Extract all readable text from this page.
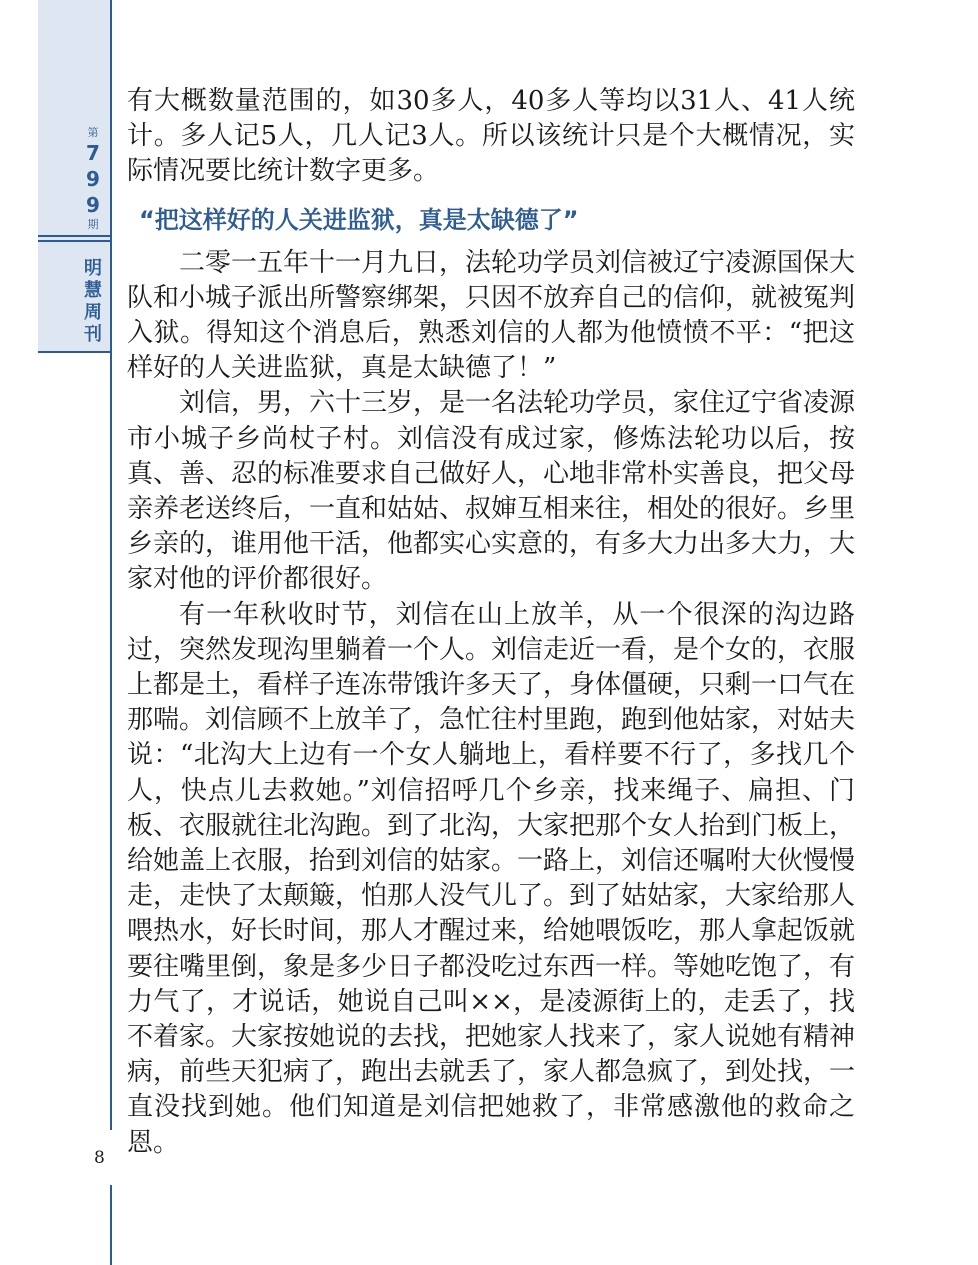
第
799
期
明慧周刊
8

有大概数量范围的，如30多人，40多人等均以31人、41人统计。多人记5人，几人记3人。所以该统计只是个大概情况，实际情况要比统计数字更多。

“把这样好的人关进监狱，真是太缺德了”

二零一五年十一月九日，法轮功学员刘信被辽宁凌源国保大队和小城子派出所警察绑架，只因不放弃自己的信仰，就被冤判入狱。得知这个消息后，熟悉刘信的人都为他愤愤不平：“把这样好的人关进监狱，真是太缺德了！”

刘信，男，六十三岁，是一名法轮功学员，家住辽宁省凌源市小城子乡尚杖子村。刘信没有成过家，修炼法轮功以后，按真、善、忍的标准要求自己做好人，心地非常朴实善良，把父母亲养老送终后，一直和姑姑、叔婶互相来往，相处的很好。乡里乡亲的，谁用他干活，他都实心实意的，有多大力出多大力，大家对他的评价都很好。

有一年秋收时节，刘信在山上放羊，从一个很深的沟边路过，突然发现沟里躺着一个人。刘信走近一看，是个女的，衣服上都是土，看样子连冻带饿许多天了，身体僵硬，只剩一口气在那喘。刘信顾不上放羊了，急忙往村里跑，跑到他姑家，对姑夫说：“北沟大上边有一个女人躺地上，看样要不行了，多找几个人，快点儿去救她。”刘信招呼几个乡亲，找来绳子、扁担、门板、衣服就往北沟跑。到了北沟，大家把那个女人抬到门板上，给她盖上衣服，抬到刘信的姑家。一路上，刘信还嘱咐大伙慢慢走，走快了太颠簸，怕那人没气儿了。到了姑姑家，大家给那人喂热水，好长时间，那人才醒过来，给她喂饭吃，那人拿起饭就要往嘴里倒，象是多少日子都没吃过东西一样。等她吃饱了，有力气了，才说话，她说自己叫××，是凌源街上的，走丢了，找不着家。大家按她说的去找，把她家人找来了，家人说她有精神病，前些天犯病了，跑出去就丢了，家人都急疯了，到处找，一直没找到她。他们知道是刘信把她救了，非常感激他的救命之恩。
